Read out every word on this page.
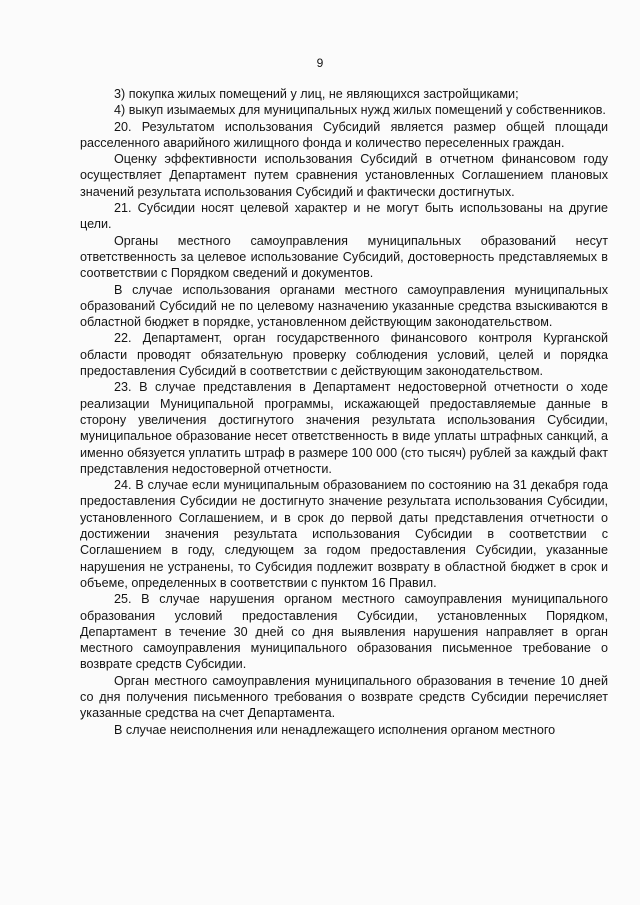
9

3) покупка жилых помещений у лиц, не являющихся застройщиками;

4) выкуп изымаемых для муниципальных нужд жилых помещений у собственников.

20. Результатом использования Субсидий является размер общей площади расселенного аварийного жилищного фонда и количество переселенных граждан.

Оценку эффективности использования Субсидий в отчетном финансовом году осуществляет Департамент путем сравнения установленных Соглашением плановых значений результата использования Субсидий и фактически достигнутых.

21. Субсидии носят целевой характер и не могут быть использованы на другие цели.

Органы местного самоуправления муниципальных образований несут ответственность за целевое использование Субсидий, достоверность представляемых в соответствии с Порядком сведений и документов.

В случае использования органами местного самоуправления муниципальных образований Субсидий не по целевому назначению указанные средства взыскиваются в областной бюджет в порядке, установленном действующим законодательством.

22. Департамент, орган государственного финансового контроля Курганской области проводят обязательную проверку соблюдения условий, целей и порядка предоставления Субсидий в соответствии с действующим законодательством.

23. В случае представления в Департамент недостоверной отчетности о ходе реализации Муниципальной программы, искажающей предоставляемые данные в сторону увеличения достигнутого значения результата использования Субсидии, муниципальное образование несет ответственность в виде уплаты штрафных санкций, а именно обязуется уплатить штраф в размере 100 000 (сто тысяч) рублей за каждый факт представления недостоверной отчетности.

24. В случае если муниципальным образованием по состоянию на 31 декабря года предоставления Субсидии не достигнуто значение результата использования Субсидии, установленного Соглашением, и в срок до первой даты представления отчетности о достижении значения результата использования Субсидии в соответствии с Соглашением в году, следующем за годом предоставления Субсидии, указанные нарушения не устранены, то Субсидия подлежит возврату в областной бюджет в срок и объеме, определенных в соответствии с пунктом 16 Правил.

25. В случае нарушения органом местного самоуправления муниципального образования условий предоставления Субсидии, установленных Порядком, Департамент в течение 30 дней со дня выявления нарушения направляет в орган местного самоуправления муниципального образования письменное требование о возврате средств Субсидии.

Орган местного самоуправления муниципального образования в течение 10 дней со дня получения письменного требования о возврате средств Субсидии перечисляет указанные средства на счет Департамента.

В случае неисполнения или ненадлежащего исполнения органом местного
